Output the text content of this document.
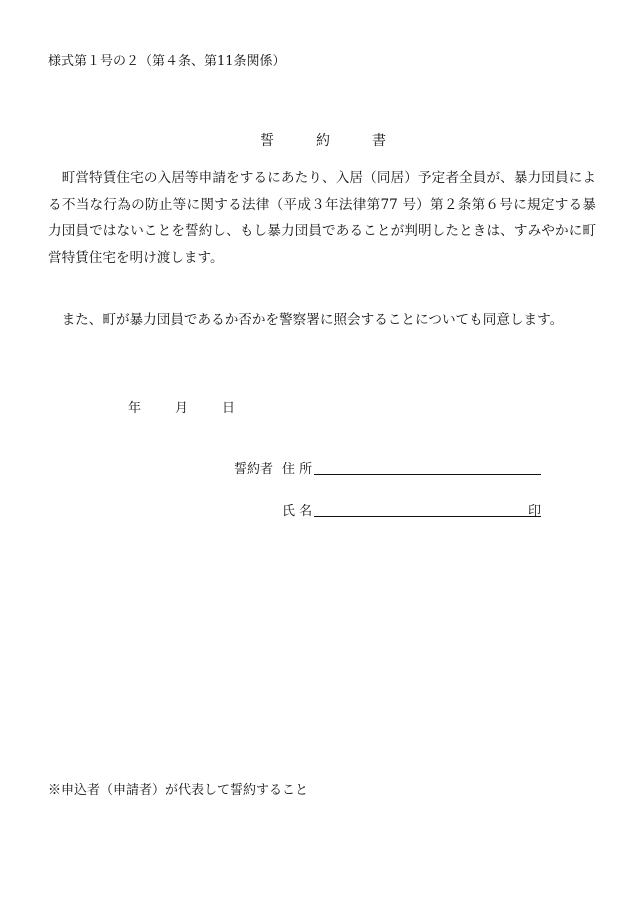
様式第１号の２（第４条、第11条関係）
誓　約　書
町営特賃住宅の入居等申請をするにあたり、入居（同居）予定者全員が、暴力団員による不当な行為の防止等に関する法律（平成３年法律第77 号）第２条第６号に規定する暴力団員ではないことを誓約し、もし暴力団員であることが判明したときは、すみやかに町営特賃住宅を明け渡します。
また、町が暴力団員であるか否かを警察署に照会することについても同意します。
年	月	日
誓約者 住 所
氏 名	印
※申込者（申請者）が代表して誓約すること
